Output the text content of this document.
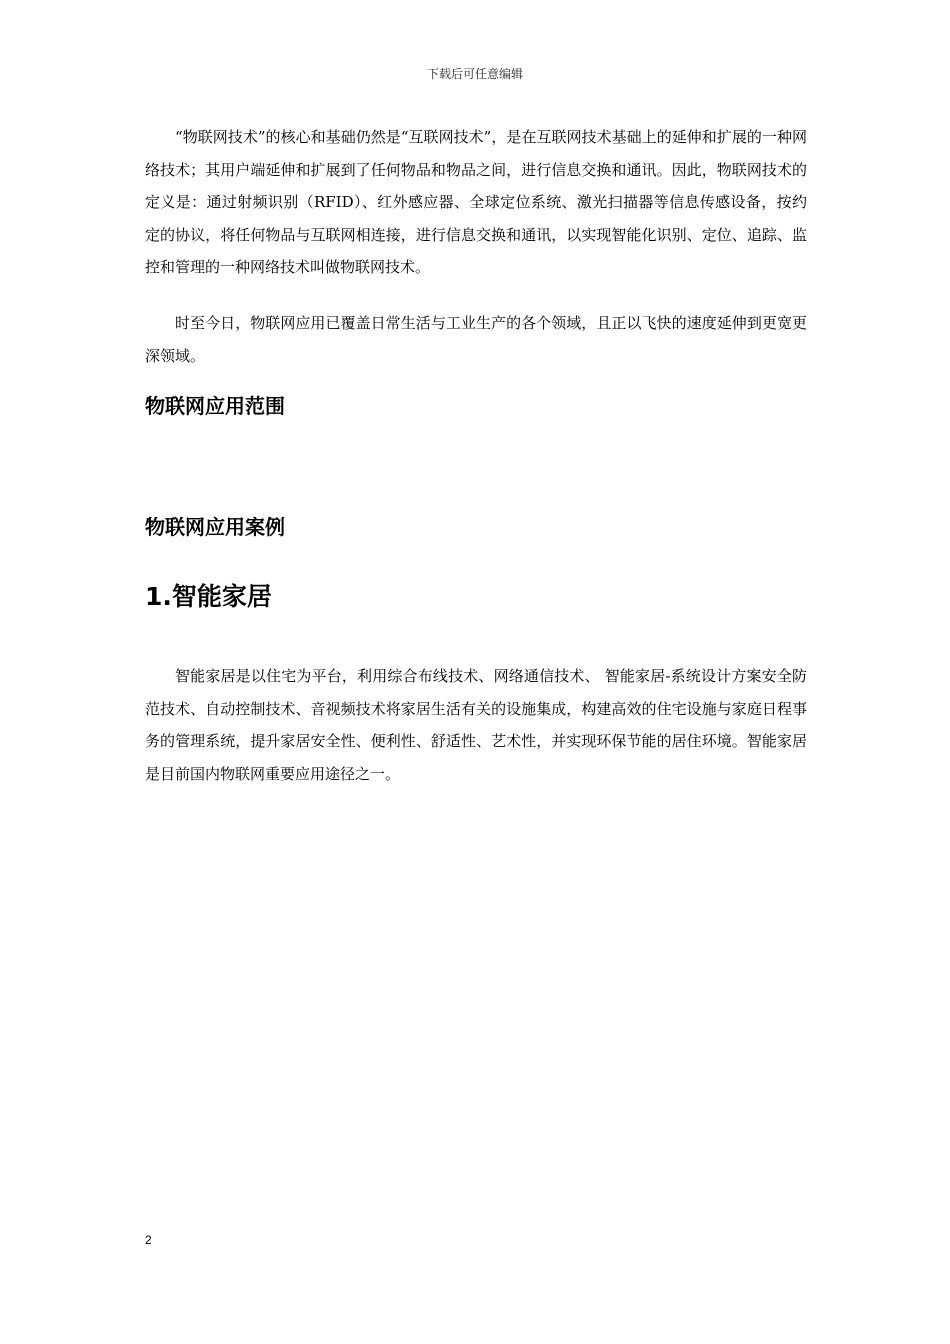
下载后可任意编辑

“物联网技术”的核心和基础仍然是“互联网技术”，是在互联网技术基础上的延伸和扩展的一种网络技术；其用户端延伸和扩展到了任何物品和物品之间，进行信息交换和通讯。因此，物联网技术的定义是：通过射频识别（RFID）、红外感应器、全球定位系统、激光扫描器等信息传感设备，按约定的协议，将任何物品与互联网相连接，进行信息交换和通讯，以实现智能化识别、定位、追踪、监控和管理的一种网络技术叫做物联网技术。

时至今日，物联网应用已覆盖日常生活与工业生产的各个领域，且正以飞快的速度延伸到更宽更深领域。

物联网应用范围
物联网应用案例
1.智能家居

智能家居是以住宅为平台，利用综合布线技术、网络通信技术、 智能家居-系统设计方案安全防范技术、自动控制技术、音视频技术将家居生活有关的设施集成，构建高效的住宅设施与家庭日程事务的管理系统，提升家居安全性、便利性、舒适性、艺术性，并实现环保节能的居住环境。智能家居是目前国内物联网重要应用途径之一。

2
